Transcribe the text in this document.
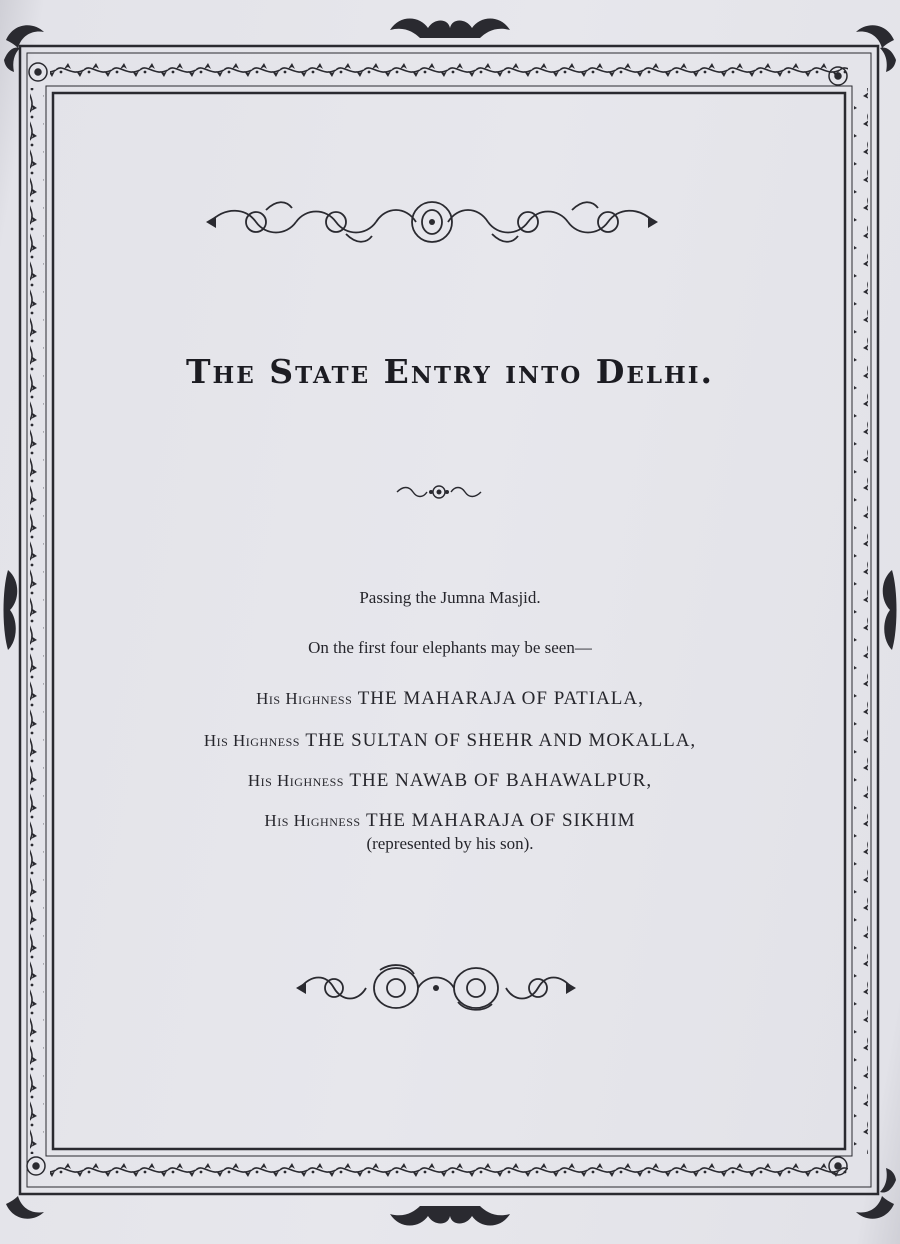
The State Entry into Delhi.
Passing the Jumna Masjid.
On the first four elephants may be seen—
His Highness THE MAHARAJA OF PATIALA,
His Highness THE SULTAN OF SHEHR AND MOKALLA,
His Highness THE NAWAB OF BAHAWALPUR,
His Highness THE MAHARAJA OF SIKHIM
(represented by his son).
